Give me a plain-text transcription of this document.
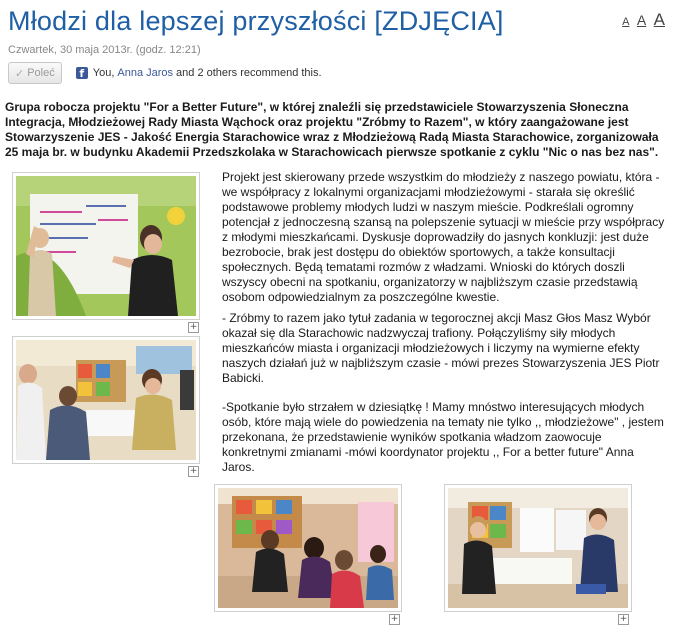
Młodzi dla lepszej przyszłości [ZDJĘCIA]	A A A
Czwartek, 30 maja 2013r. (godz. 12:21)
✓ Poleć	f You, Anna Jaros and 2 others recommend this.

Grupa robocza projektu "For a Better Future", w której znaleźli się przedstawiciele Stowarzyszenia Słoneczna Integracja, Młodzieżowej Rady Miasta Wąchock oraz projektu "Zróbmy to Razem", w który zaangażowane jest Stowarzyszenie JES - Jakość Energia Starachowice wraz z Młodzieżową Radą Miasta Starachowice, zorganizowała 25 maja br. w budynku Akademii Przedszkolaka w Starachowicach pierwsze spotkanie z cyklu "Nic o nas bez nas".

+
+
+	+

Projekt jest skierowany przede wszystkim do młodzieży z naszego powiatu, która - we współpracy z lokalnymi organizacjami młodzieżowymi - starała się określić podstawowe problemy młodych ludzi w naszym mieście. Podkreślali ogromny potencjał z jednoczesną szansą na polepszenie sytuacji w mieście przy współpracy z młodymi mieszkańcami. Dyskusje doprowadziły do jasnych konkluzji: jest duże bezrobocie, brak jest dostępu do obiektów sportowych, a także konsultacji społecznych. Będą tematami rozmów z władzami. Wnioski do których doszli wszyscy obecni na spotkaniu, organizatorzy w najbliższym czasie przedstawią osobom odpowiedzialnym za poszczególne kwestie.

- Zróbmy to razem jako tytuł zadania w tegorocznej akcji Masz Głos Masz Wybór okazał się dla Starachowic nadzwyczaj trafiony. Połączyliśmy siły młodych mieszkańców miasta i organizacji młodzieżowych i liczymy na wymierne efekty naszych działań już w najbliższym czasie - mówi prezes Stowarzyszenia JES Piotr Babicki.

-Spotkanie było strzałem w dziesiątkę ! Mamy mnóstwo interesujących młodych osób, które mają wiele do powiedzenia na tematy nie tylko ,, młodzieżowe" , jestem przekonana, że przedstawienie wyników spotkania władzom zaowocuje konkretnymi zmianami -mówi koordynator projektu ,, For a better future" Anna Jaros.
